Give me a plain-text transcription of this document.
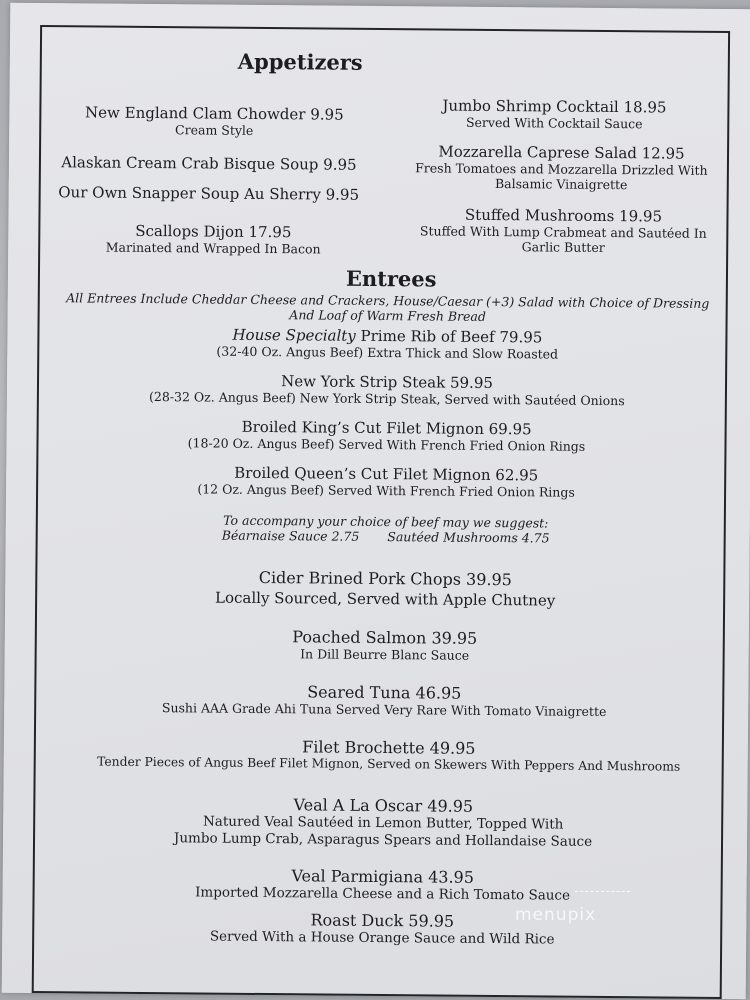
Appetizers
New England Clam Chowder 9.95
Cream Style
Alaskan Cream Crab Bisque Soup 9.95
Our Own Snapper Soup Au Sherry 9.95
Scallops Dijon 17.95
Marinated and Wrapped In Bacon
Jumbo Shrimp Cocktail 18.95
Served With Cocktail Sauce
Mozzarella Caprese Salad 12.95
Fresh Tomatoes and Mozzarella Drizzled With
Balsamic Vinaigrette
Stuffed Mushrooms 19.95
Stuffed With Lump Crabmeat and Sautéed In
Garlic Butter
Entrees
All Entrees Include Cheddar Cheese and Crackers, House/Caesar (+3) Salad with Choice of Dressing
And Loaf of Warm Fresh Bread
House Specialty Prime Rib of Beef 79.95
(32-40 Oz. Angus Beef) Extra Thick and Slow Roasted
New York Strip Steak 59.95
(28-32 Oz. Angus Beef) New York Strip Steak, Served with Sautéed Onions
Broiled King’s Cut Filet Mignon 69.95
(18-20 Oz. Angus Beef) Served With French Fried Onion Rings
Broiled Queen’s Cut Filet Mignon 62.95
(12 Oz. Angus Beef) Served With French Fried Onion Rings
To accompany your choice of beef may we suggest:
Béarnaise Sauce 2.75 Sautéed Mushrooms 4.75
Cider Brined Pork Chops 39.95
Locally Sourced, Served with Apple Chutney
Poached Salmon 39.95
In Dill Beurre Blanc Sauce
Seared Tuna 46.95
Sushi AAA Grade Ahi Tuna Served Very Rare With Tomato Vinaigrette
Filet Brochette 49.95
Tender Pieces of Angus Beef Filet Mignon, Served on Skewers With Peppers And Mushrooms
Veal A La Oscar 49.95
Natured Veal Sautéed in Lemon Butter, Topped With
Jumbo Lump Crab, Asparagus Spears and Hollandaise Sauce
Veal Parmigiana 43.95
Imported Mozzarella Cheese and a Rich Tomato Sauce
Roast Duck 59.95
Served With a House Orange Sauce and Wild Rice
menupix
